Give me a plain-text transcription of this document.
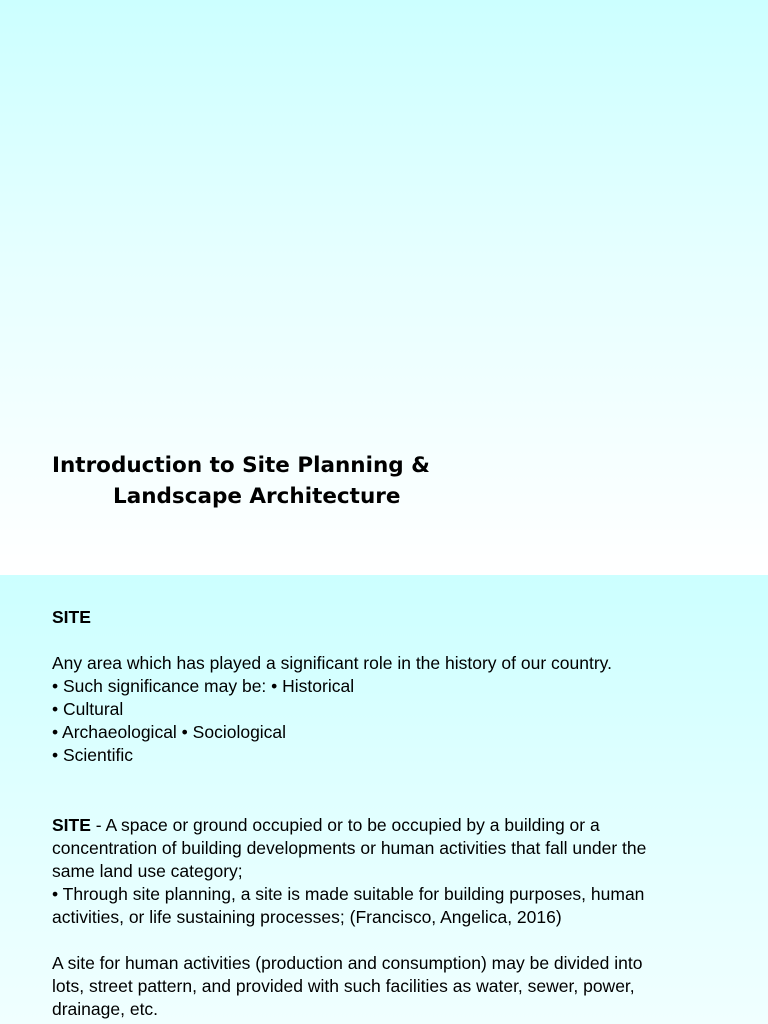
Introduction to Site Planning &
Landscape Architecture
SITE
Any area which has played a significant role in the history of our country.
• Such significance may be: • Historical
• Cultural
• Archaeological • Sociological
• Scientific
SITE - A space or ground occupied or to be occupied by a building or a
concentration of building developments or human activities that fall under the
same land use category;
• Through site planning, a site is made suitable for building purposes, human
activities, or life sustaining processes; (Francisco, Angelica, 2016)
A site for human activities (production and consumption) may be divided into
lots, street pattern, and provided with such facilities as water, sewer, power,
drainage, etc.
